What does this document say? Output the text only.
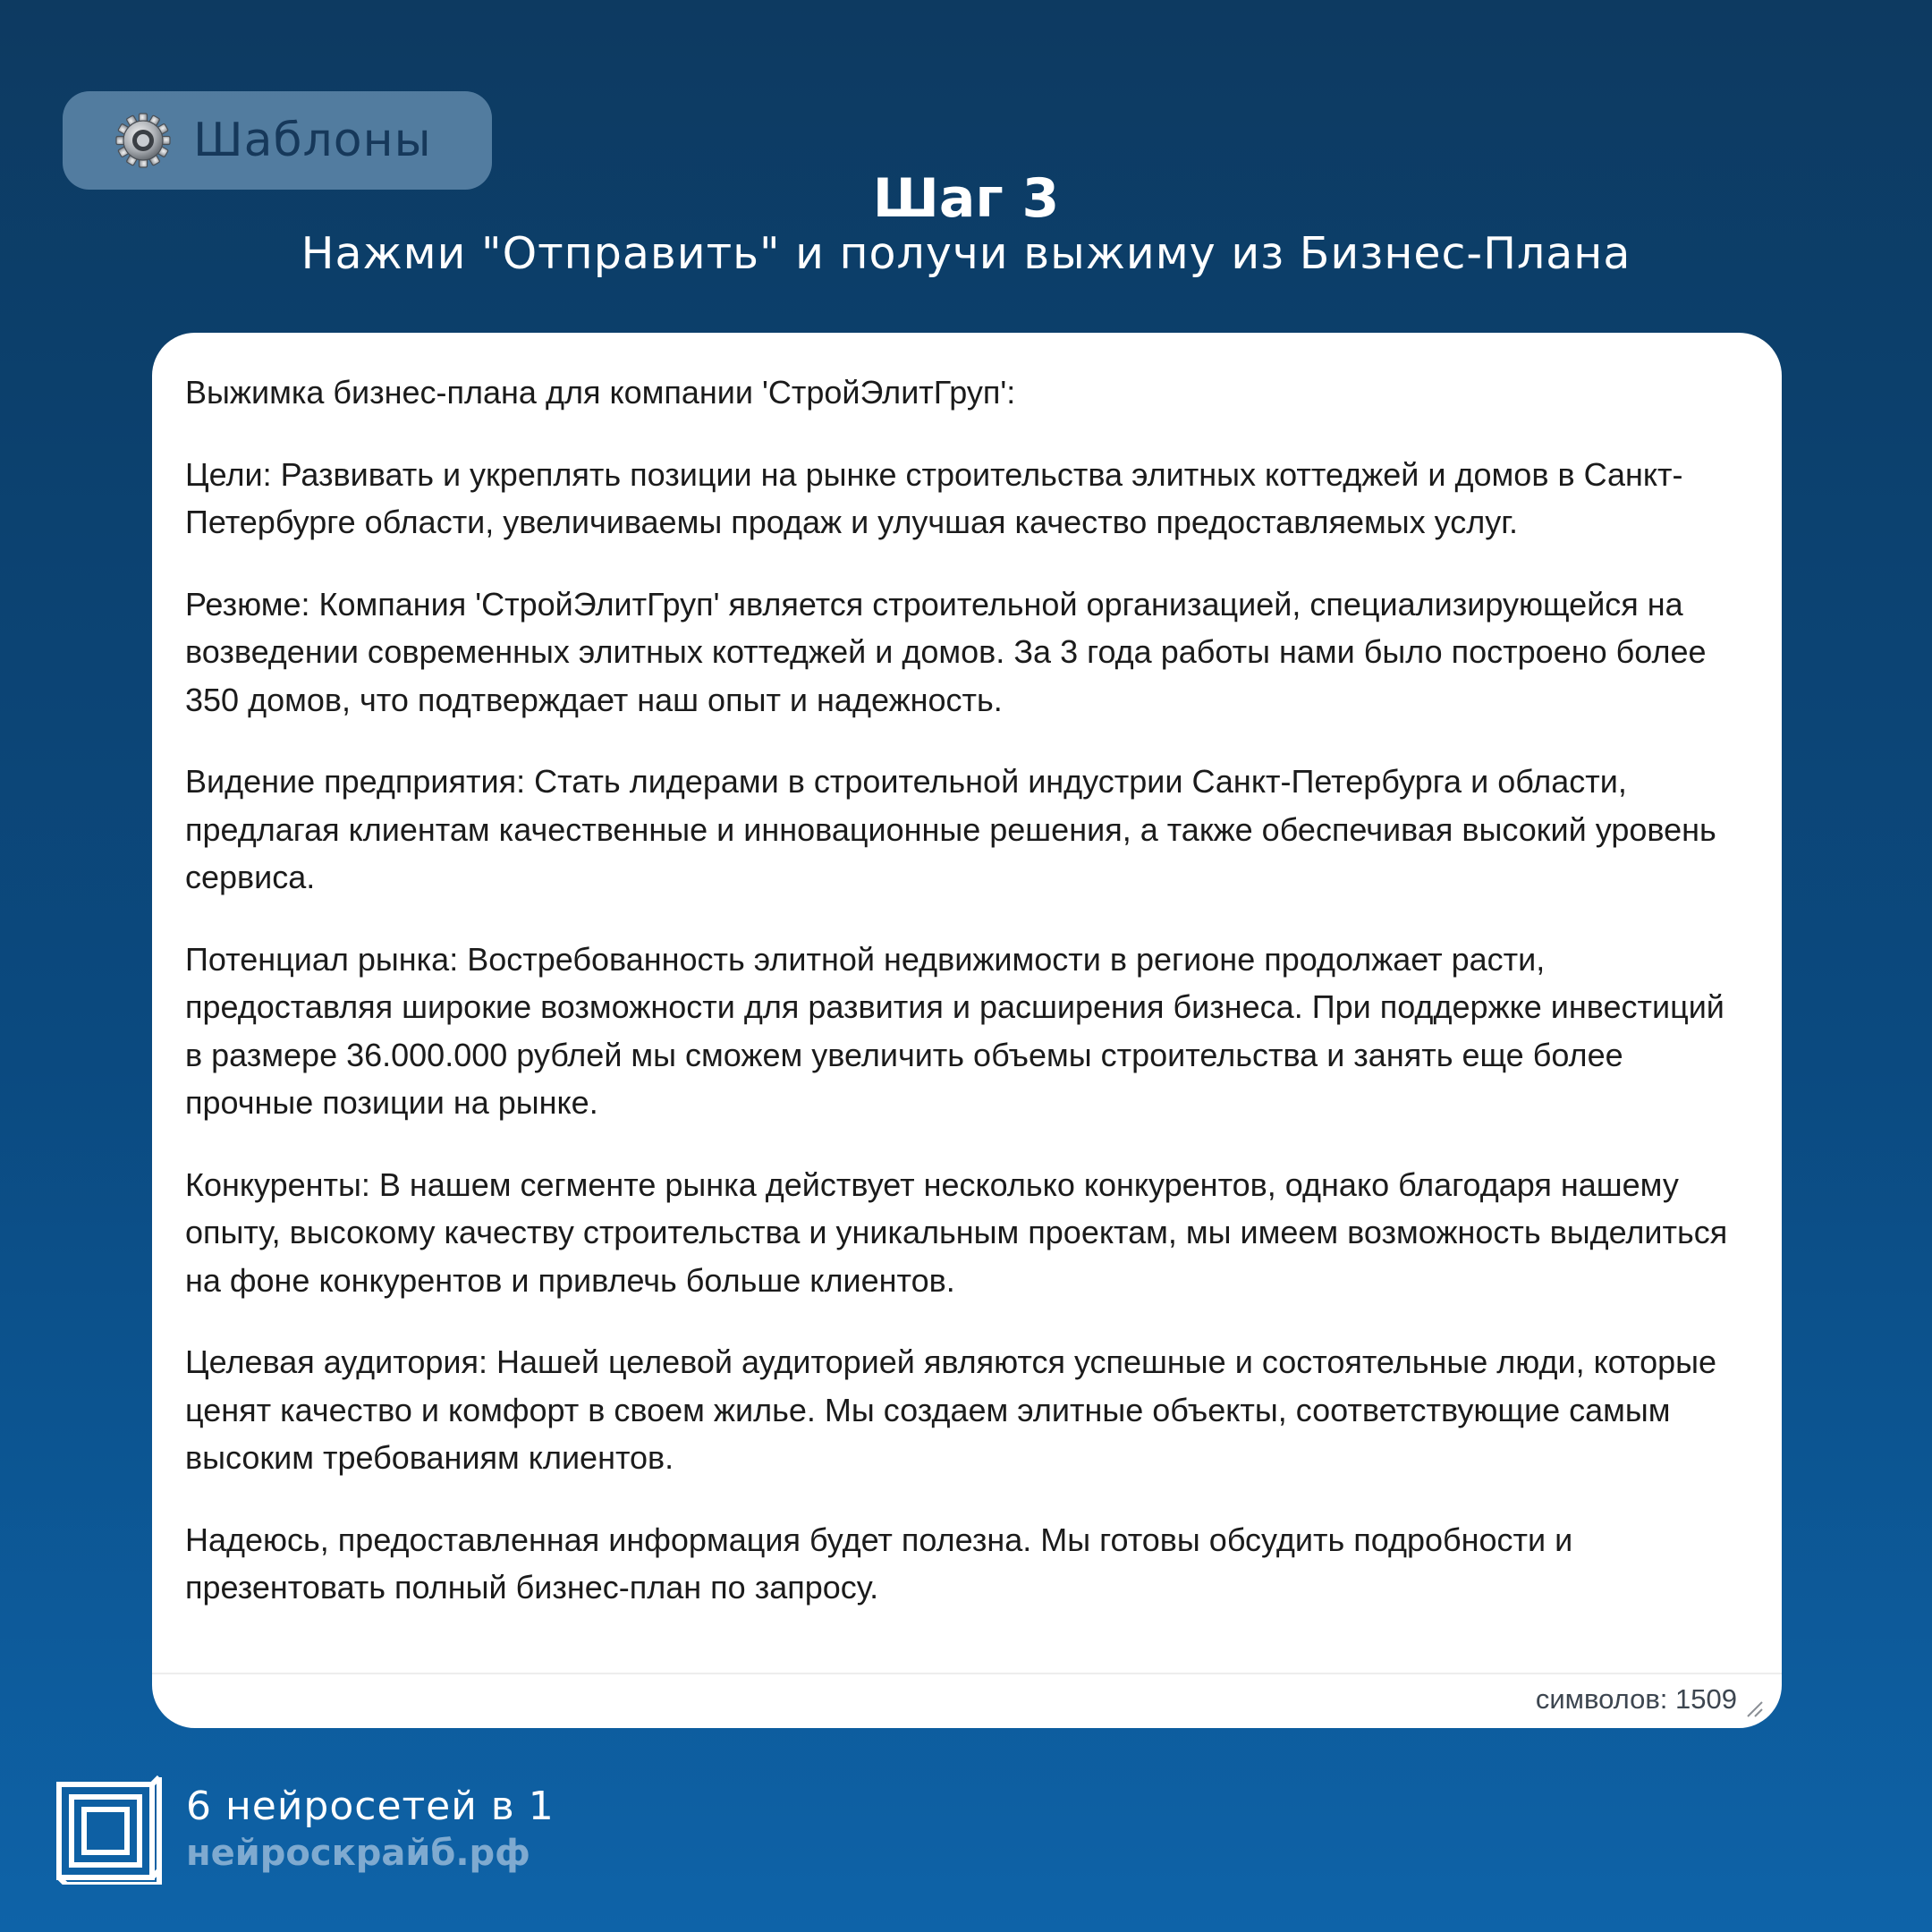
Шаблоны
Шаг 3
Нажми "Отправить" и получи выжиму из Бизнес-Плана

Выжимка бизнес-плана для компании 'СтройЭлитГруп':

Цели: Развивать и укреплять позиции на рынке строительства элитных коттеджей и домов в Санкт-Петербурге области, увеличиваемы продаж и улучшая качество предоставляемых услуг.

Резюме: Компания 'СтройЭлитГруп' является строительной организацией, специализирующейся на возведении современных элитных коттеджей и домов. За 3 года работы нами было построено более 350 домов, что подтверждает наш опыт и надежность.

Видение предприятия: Стать лидерами в строительной индустрии Санкт-Петербурга и области, предлагая клиентам качественные и инновационные решения, а также обеспечивая высокий уровень сервиса.

Потенциал рынка: Востребованность элитной недвижимости в регионе продолжает расти, предоставляя широкие возможности для развития и расширения бизнеса. При поддержке инвестиций в размере 36.000.000 рублей мы сможем увеличить объемы строительства и занять еще более прочные позиции на рынке.

Конкуренты: В нашем сегменте рынка действует несколько конкурентов, однако благодаря нашему опыту, высокому качеству строительства и уникальным проектам, мы имеем возможность выделиться на фоне конкурентов и привлечь больше клиентов.

Целевая аудитория: Нашей целевой аудиторией являются успешные и состоятельные люди, которые ценят качество и комфорт в своем жилье. Мы создаем элитные объекты, соответствующие самым высоким требованиям клиентов.

Надеюсь, предоставленная информация будет полезна. Мы готовы обсудить подробности и презентовать полный бизнес-план по запросу.

символов: 1509
6 нейросетей в 1
нейроскрайб.рф
